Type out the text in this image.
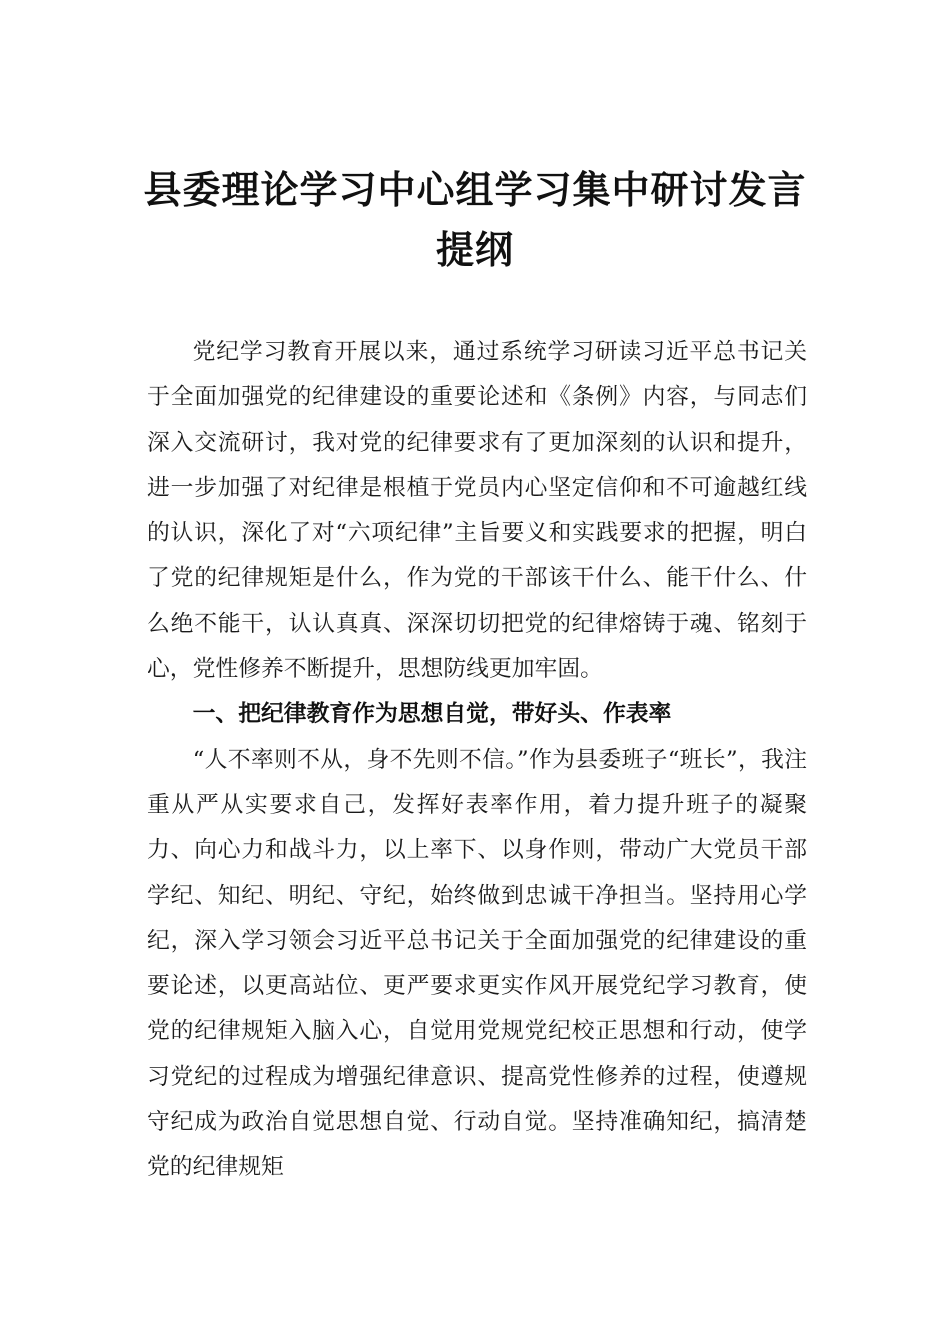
县委理论学习中心组学习集中研讨发言提纲

党纪学习教育开展以来，通过系统学习研读习近平总书记关于全面加强党的纪律建设的重要论述和《条例》内容，与同志们深入交流研讨，我对党的纪律要求有了更加深刻的认识和提升，进一步加强了对纪律是根植于党员内心坚定信仰和不可逾越红线的认识，深化了对“六项纪律”主旨要义和实践要求的把握，明白了党的纪律规矩是什么，作为党的干部该干什么、能干什么、什么绝不能干，认认真真、深深切切把党的纪律熔铸于魂、铭刻于心，党性修养不断提升，思想防线更加牢固。

一、把纪律教育作为思想自觉，带好头、作表率

“人不率则不从，身不先则不信。”作为县委班子“班长”，我注重从严从实要求自己，发挥好表率作用，着力提升班子的凝聚力、向心力和战斗力，以上率下、以身作则，带动广大党员干部学纪、知纪、明纪、守纪，始终做到忠诚干净担当。坚持用心学纪，深入学习领会习近平总书记关于全面加强党的纪律建设的重要论述，以更高站位、更严要求更实作风开展党纪学习教育，使党的纪律规矩入脑入心，自觉用党规党纪校正思想和行动，使学习党纪的过程成为增强纪律意识、提高党性修养的过程，使遵规守纪成为政治自觉思想自觉、行动自觉。坚持准确知纪，搞清楚党的纪律规矩
